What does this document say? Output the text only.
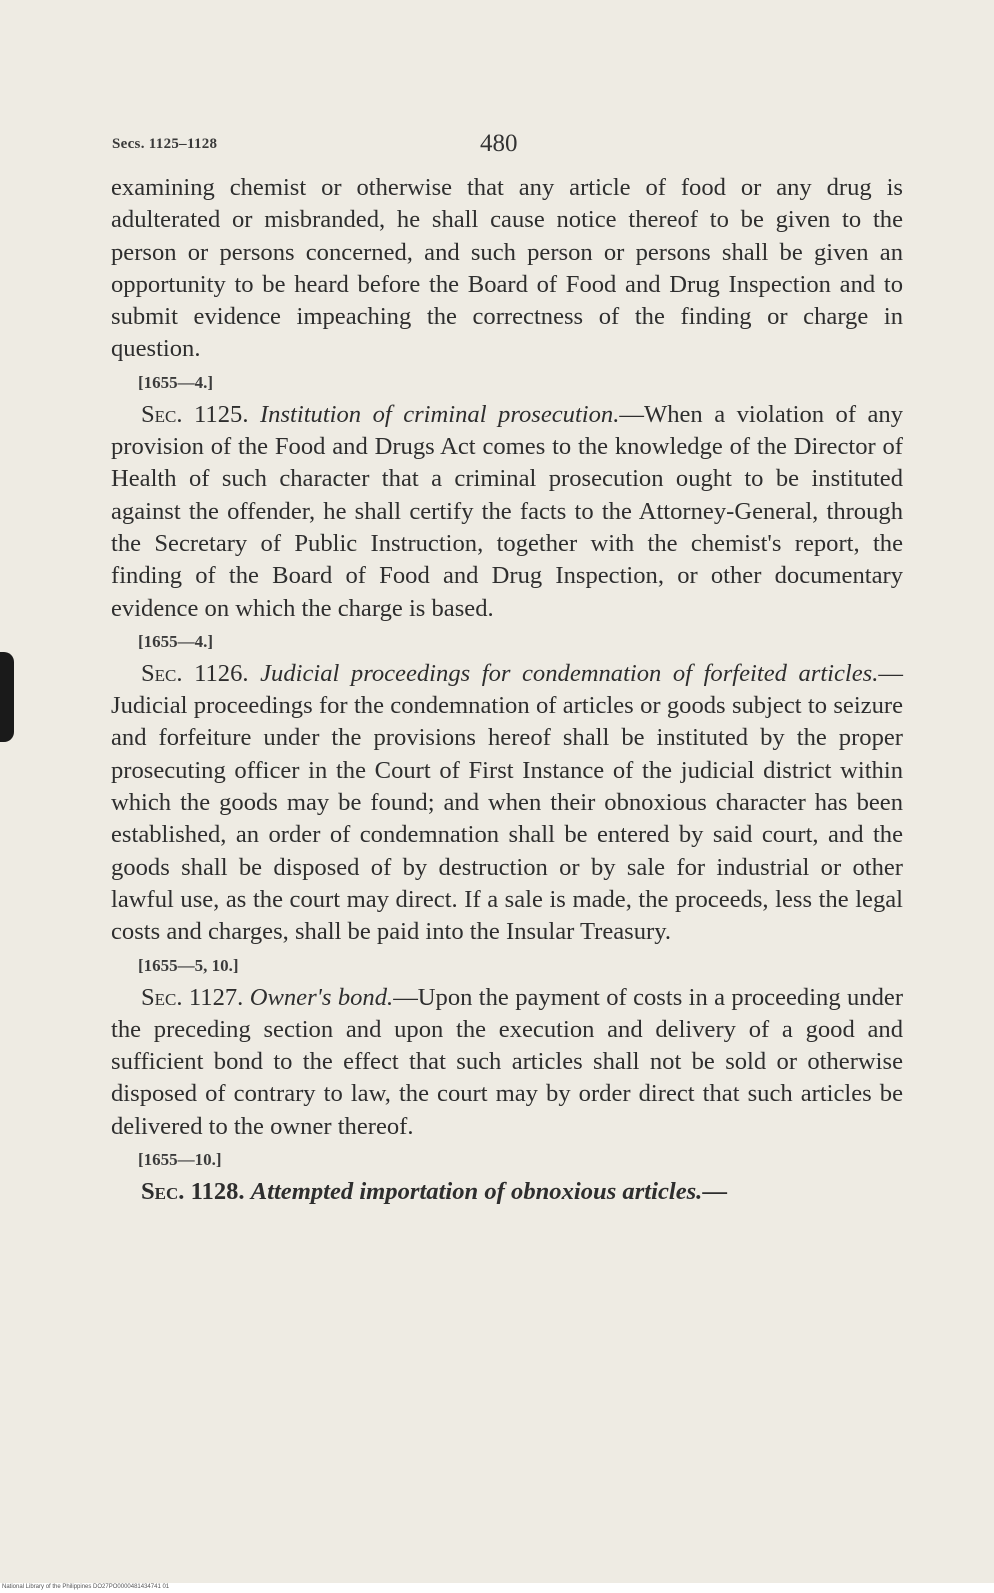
Secs. 1125–1128	480

examining chemist or otherwise that any article of food or any drug is adulterated or misbranded, he shall cause notice thereof to be given to the person or persons concerned, and such person or persons shall be given an opportunity to be heard before the Board of Food and Drug Inspection and to submit evidence impeaching the correctness of the finding or charge in question.

[1655—4.]

Sec. 1125. Institution of criminal prosecution.—When a violation of any provision of the Food and Drugs Act comes to the knowledge of the Director of Health of such character that a criminal prosecution ought to be instituted against the offender, he shall certify the facts to the Attorney-General, through the Secretary of Public Instruction, together with the chemist's report, the finding of the Board of Food and Drug Inspection, or other documentary evidence on which the charge is based.

[1655—4.]

Sec. 1126. Judicial proceedings for condemnation of forfeited articles.—Judicial proceedings for the condemnation of articles or goods subject to seizure and forfeiture under the provisions hereof shall be instituted by the proper prosecuting officer in the Court of First Instance of the judicial district within which the goods may be found; and when their obnoxious character has been established, an order of condemnation shall be entered by said court, and the goods shall be disposed of by destruction or by sale for industrial or other lawful use, as the court may direct. If a sale is made, the proceeds, less the legal costs and charges, shall be paid into the Insular Treasury.

[1655—5, 10.]

Sec. 1127. Owner's bond.—Upon the payment of costs in a proceeding under the preceding section and upon the execution and delivery of a good and sufficient bond to the effect that such articles shall not be sold or otherwise disposed of contrary to law, the court may by order direct that such articles be delivered to the owner thereof.

[1655—10.]

Sec. 1128. Attempted importation of obnoxious articles.—

National Library of the Philippines DO27PO0000481434741 01
